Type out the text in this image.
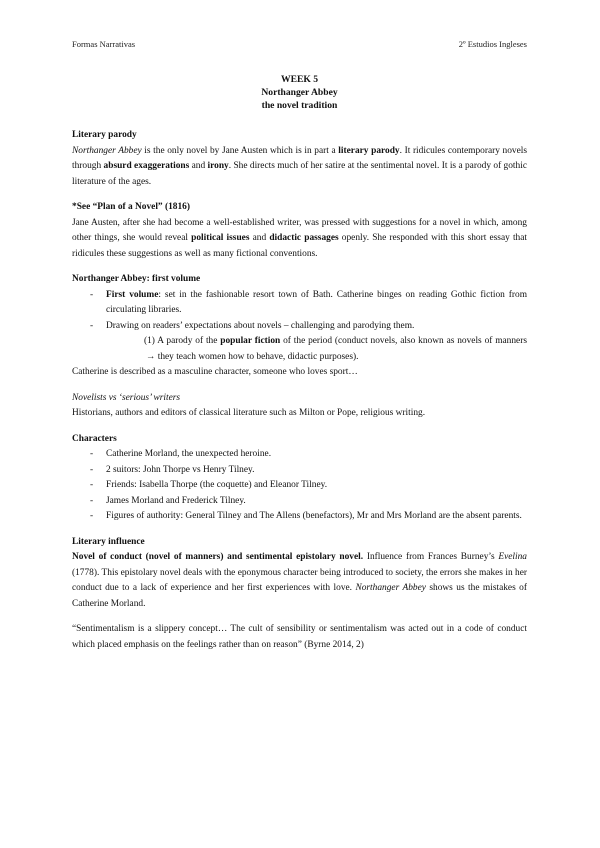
Formas Narrativas	2º Estudios Ingleses
WEEK 5
Northanger Abbey
the novel tradition
Literary parody

Northanger Abbey is the only novel by Jane Austen which is in part a literary parody. It ridicules contemporary novels through absurd exaggerations and irony. She directs much of her satire at the sentimental novel. It is a parody of gothic literature of the ages.

*See “Plan of a Novel” (1816)

Jane Austen, after she had become a well-established writer, was pressed with suggestions for a novel in which, among other things, she would reveal political issues and didactic passages openly. She responded with this short essay that ridicules these suggestions as well as many fictional conventions.

Northanger Abbey: first volume
- First volume: set in the fashionable resort town of Bath. Catherine binges on reading Gothic fiction from circulating libraries.
- Drawing on readers’ expectations about novels – challenging and parodying them.

(1) A parody of the popular fiction of the period (conduct novels, also known as novels of manners → they teach women how to behave, didactic purposes).

Catherine is described as a masculine character, someone who loves sport…

Novelists vs ‘serious’ writers

Historians, authors and editors of classical literature such as Milton or Pope, religious writing.

Characters
- Catherine Morland, the unexpected heroine.
- 2 suitors: John Thorpe vs Henry Tilney.
- Friends: Isabella Thorpe (the coquette) and Eleanor Tilney.
- James Morland and Frederick Tilney.
- Figures of authority: General Tilney and The Allens (benefactors), Mr and Mrs Morland are the absent parents.
Literary influence

Novel of conduct (novel of manners) and sentimental epistolary novel. Influence from Frances Burney’s Evelina (1778). This epistolary novel deals with the eponymous character being introduced to society, the errors she makes in her conduct due to a lack of experience and her first experiences with love. Northanger Abbey shows us the mistakes of Catherine Morland.

“Sentimentalism is a slippery concept… The cult of sensibility or sentimentalism was acted out in a code of conduct which placed emphasis on the feelings rather than on reason” (Byrne 2014, 2)
